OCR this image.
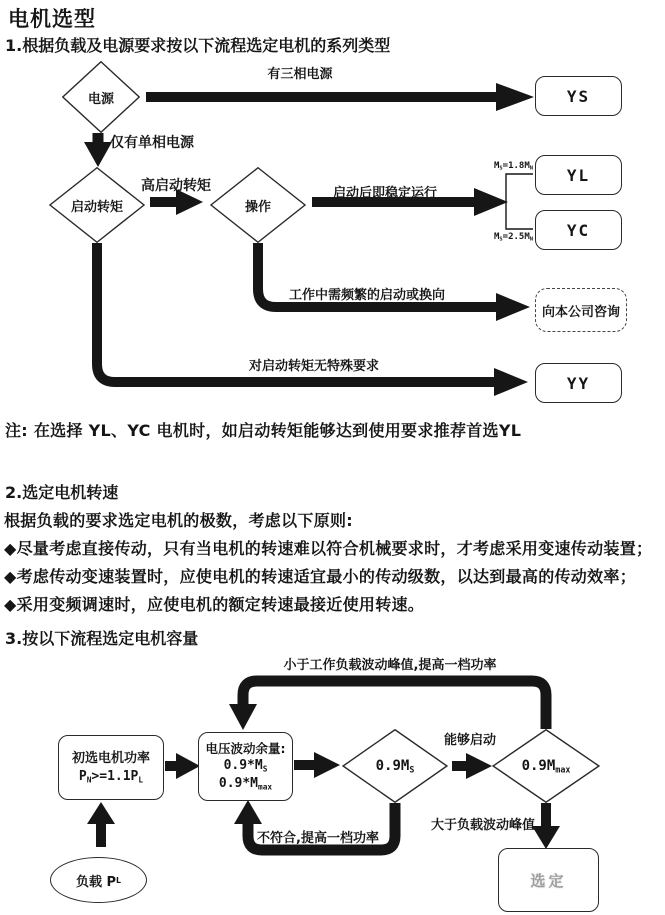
电机选型
1.根据负载及电源要求按以下流程选定电机的系列类型
电源
有三相电源
YS
仅有单相电源
启动转矩
高启动转矩
操作
启动后即稳定运行
$M_S=1.8M_N$
$M_S=2.5M_N$
YL
YC
工作中需频繁的启动或换向
向本公司咨询
对启动转矩无特殊要求
YY
注: 在选择 YL、YC 电机时，如启动转矩能够达到使用要求推荐首选YL
2.选定电机转速
根据负载的要求选定电机的极数，考虑以下原则:
◆尽量考虑直接传动，只有当电机的转速难以符合机械要求时，才考虑采用变速传动装置；
◆考虑传动变速装置时，应使电机的转速适宜最小的传动级数，以达到最高的传动效率；
◆采用变频调速时，应使电机的额定转速最接近使用转速。
3.按以下流程选定电机容量
小于工作负载波动峰值,提高一档功率
初选电机功率
$P_N>=1.1P_L$
电压波动余量:
$0.9*M_S$
$0.9*M_{max}$
$0.9M_S$
能够启动
$0.9M_{max}$
大于负载波动峰值
不符合,提高一档功率
选定
负载 P L
